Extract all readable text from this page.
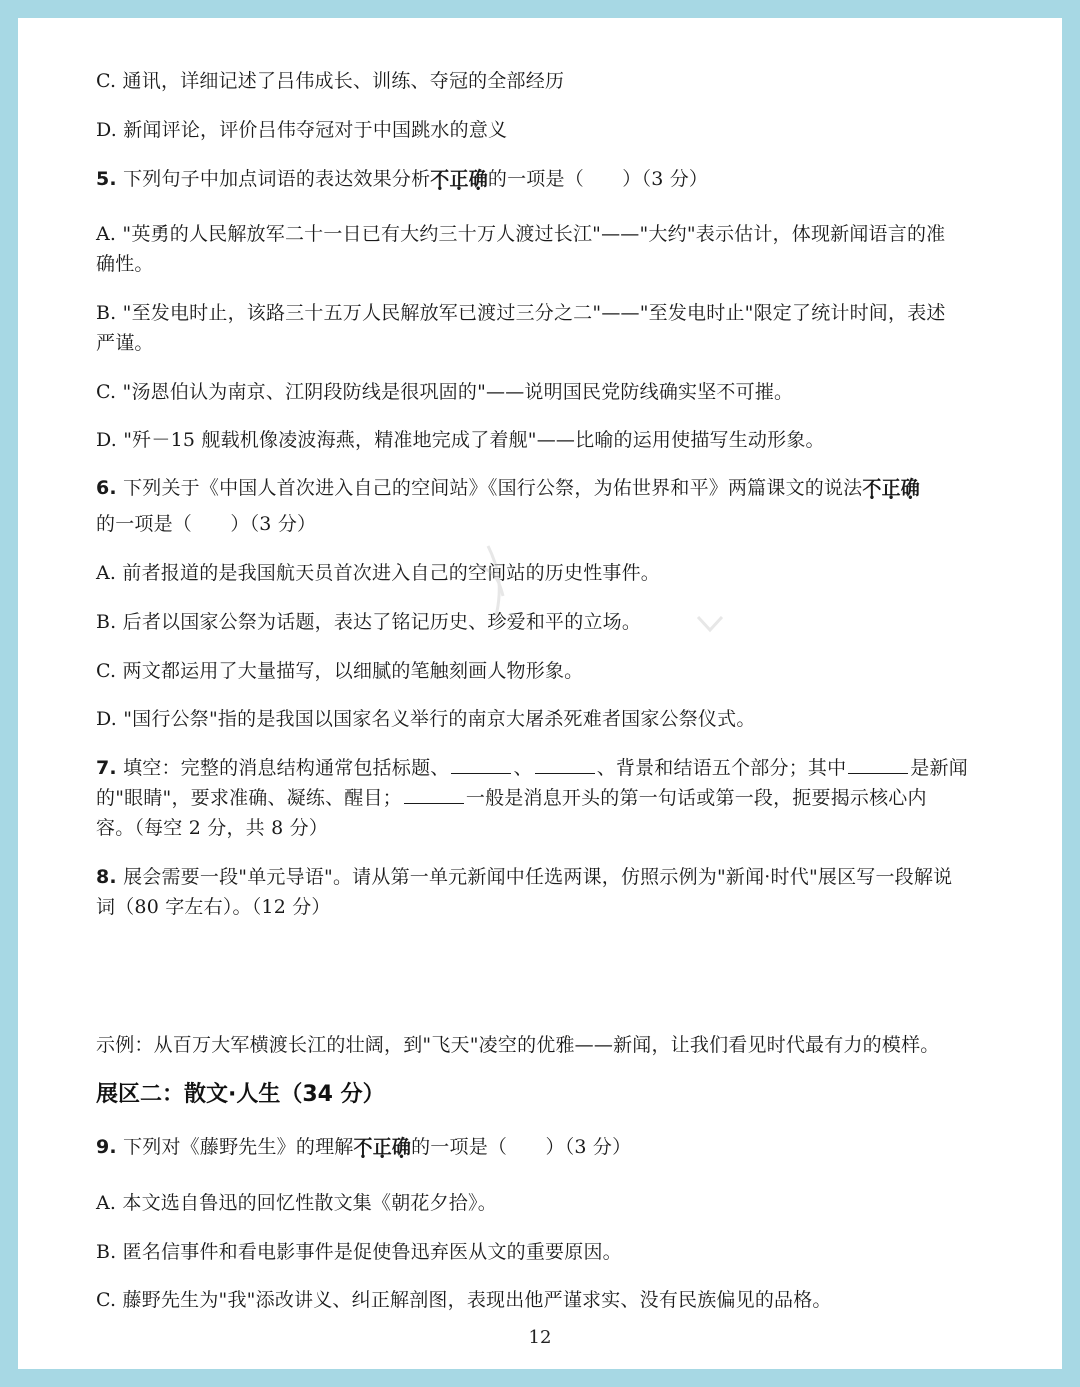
C. 通讯，详细记述了吕伟成长、训练、夺冠的全部经历
D. 新闻评论，评价吕伟夺冠对于中国跳水的意义
5. 下列句子中加点词语的表达效果分析不正确的一项是（　　）（3 分）
A. "英勇的人民解放军二十一日已有大约三十万人渡过长江"——"大约"表示估计，体现新闻语言的准
确性。
B. "至发电时止，该路三十五万人民解放军已渡过三分之二"——"至发电时止"限定了统计时间，表述
严谨。
C. "汤恩伯认为南京、江阴段防线是很巩固的"——说明国民党防线确实坚不可摧。
D. "歼－15 舰载机像凌波海燕，精准地完成了着舰"——比喻的运用使描写生动形象。
6. 下列关于《中国人首次进入自己的空间站》《国行公祭，为佑世界和平》两篇课文的说法不正确
的一项是（　　）（3 分）
A. 前者报道的是我国航天员首次进入自己的空间站的历史性事件。
B. 后者以国家公祭为话题，表达了铭记历史、珍爱和平的立场。
C. 两文都运用了大量描写，以细腻的笔触刻画人物形象。
D. "国行公祭"指的是我国以国家名义举行的南京大屠杀死难者国家公祭仪式。
7. 填空：完整的消息结构通常包括标题、	、	、背景和结语五个部分；其中	是新闻
的"眼睛"，要求准确、凝练、醒目；	一般是消息开头的第一句话或第一段，扼要揭示核心内
容。（每空 2 分，共 8 分）
8. 展会需要一段"单元导语"。请从第一单元新闻中任选两课，仿照示例为"新闻·时代"展区写一段解说
词（80 字左右）。（12 分）
示例：从百万大军横渡长江的壮阔，到"飞天"凌空的优雅——新闻，让我们看见时代最有力的模样。
展区二：散文·人生（34 分）
9. 下列对《藤野先生》的理解不正确的一项是（　　）（3 分）
A. 本文选自鲁迅的回忆性散文集《朝花夕拾》。
B. 匿名信事件和看电影事件是促使鲁迅弃医从文的重要原因。
C. 藤野先生为"我"添改讲义、纠正解剖图，表现出他严谨求实、没有民族偏见的品格。
12
